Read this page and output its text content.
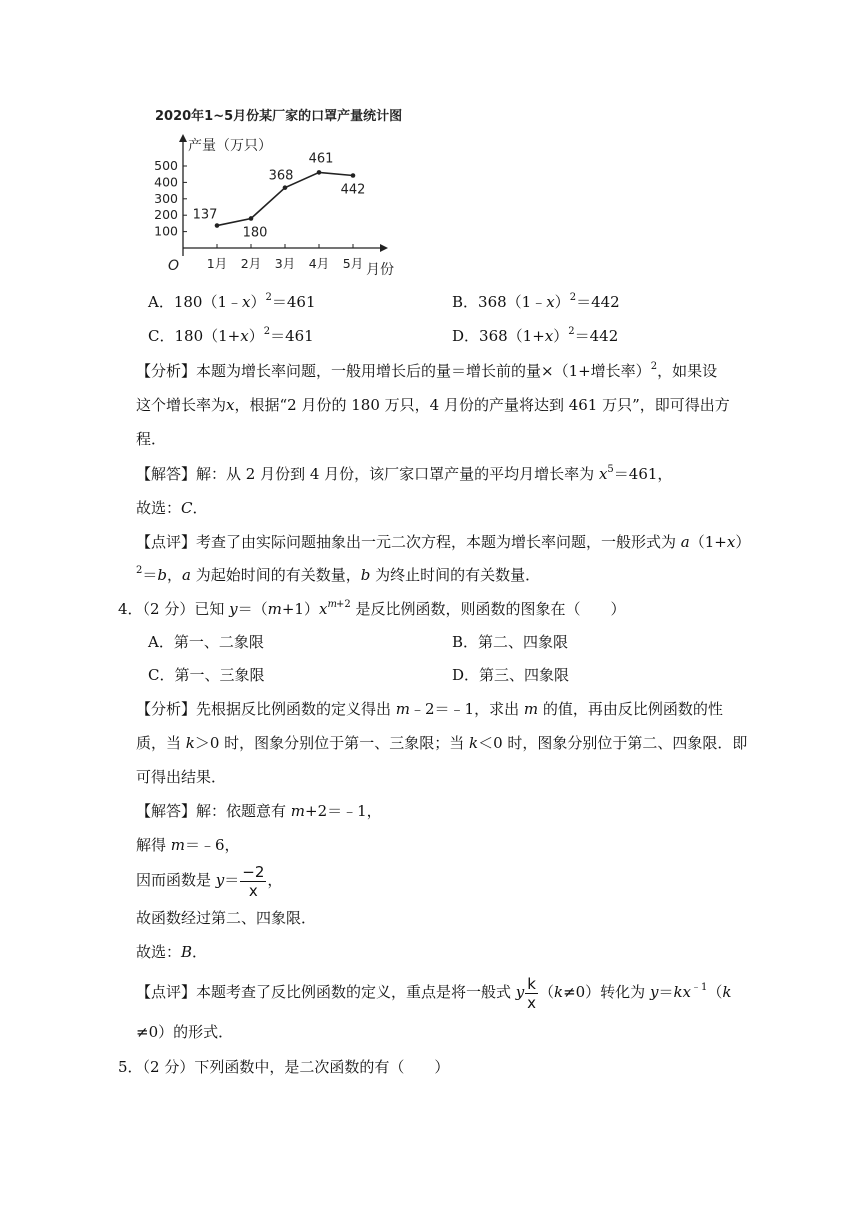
2020年1~5月份某厂家的口罩产量统计图
产量（万只）
O	月份
100
200
300
400
500
1月 2月 3月 4月 5月
137
180
368
461
442
A．180（1﹣x）$^2$＝461	B．368（1﹣x）$^2$＝442
C．$180(1+x)^2=461$	D．$368(1+x)^2=442$
【分析】本题为增长率问题，一般用增长后的量＝增长前的量×（1+增长率）$^2$，如果设
这个增长率为x，根据“2 月份的 180 万只，4 月份的产量将达到 461 万只”，即可得出方
程．
【解答】解：从 2 月份到 4 月份，该厂家口罩产量的平均月增长率为 $x^5=461$，
故选：C．
【点评】考查了由实际问题抽象出一元二次方程，本题为增长率问题，一般形式为 a（1+x）
$^2$＝b，a 为起始时间的有关数量，b 为终止时间的有关数量．
4．（2 分）已知 $y=(m+1)x^{m+2}$ 是反比例函数，则函数的图象在（　　）
A．第一、二象限	B．第二、四象限
C．第一、三象限	D．第三、四象限
【分析】先根据反比例函数的定义得出 m﹣2＝﹣1，求出 m 的值，再由反比例函数的性
质，当 k＞0 时，图象分别位于第一、三象限；当 k＜0 时，图象分别位于第二、四象限．即
可得出结果．
【解答】解：依题意有 m+2＝﹣1，
解得 m＝﹣6，
因而函数是 $y= \frac{-2}{x}$ ，
故函数经过第二、四象限．
故选：B．
【点评】本题考查了反比例函数的定义，重点是将一般式 y $\frac{k}{x} (k\ne 0)$转化为 $y=kx^{﹣1}(k$
≠0）的形式．
5．（2 分）下列函数中，是二次函数的有（　　）
